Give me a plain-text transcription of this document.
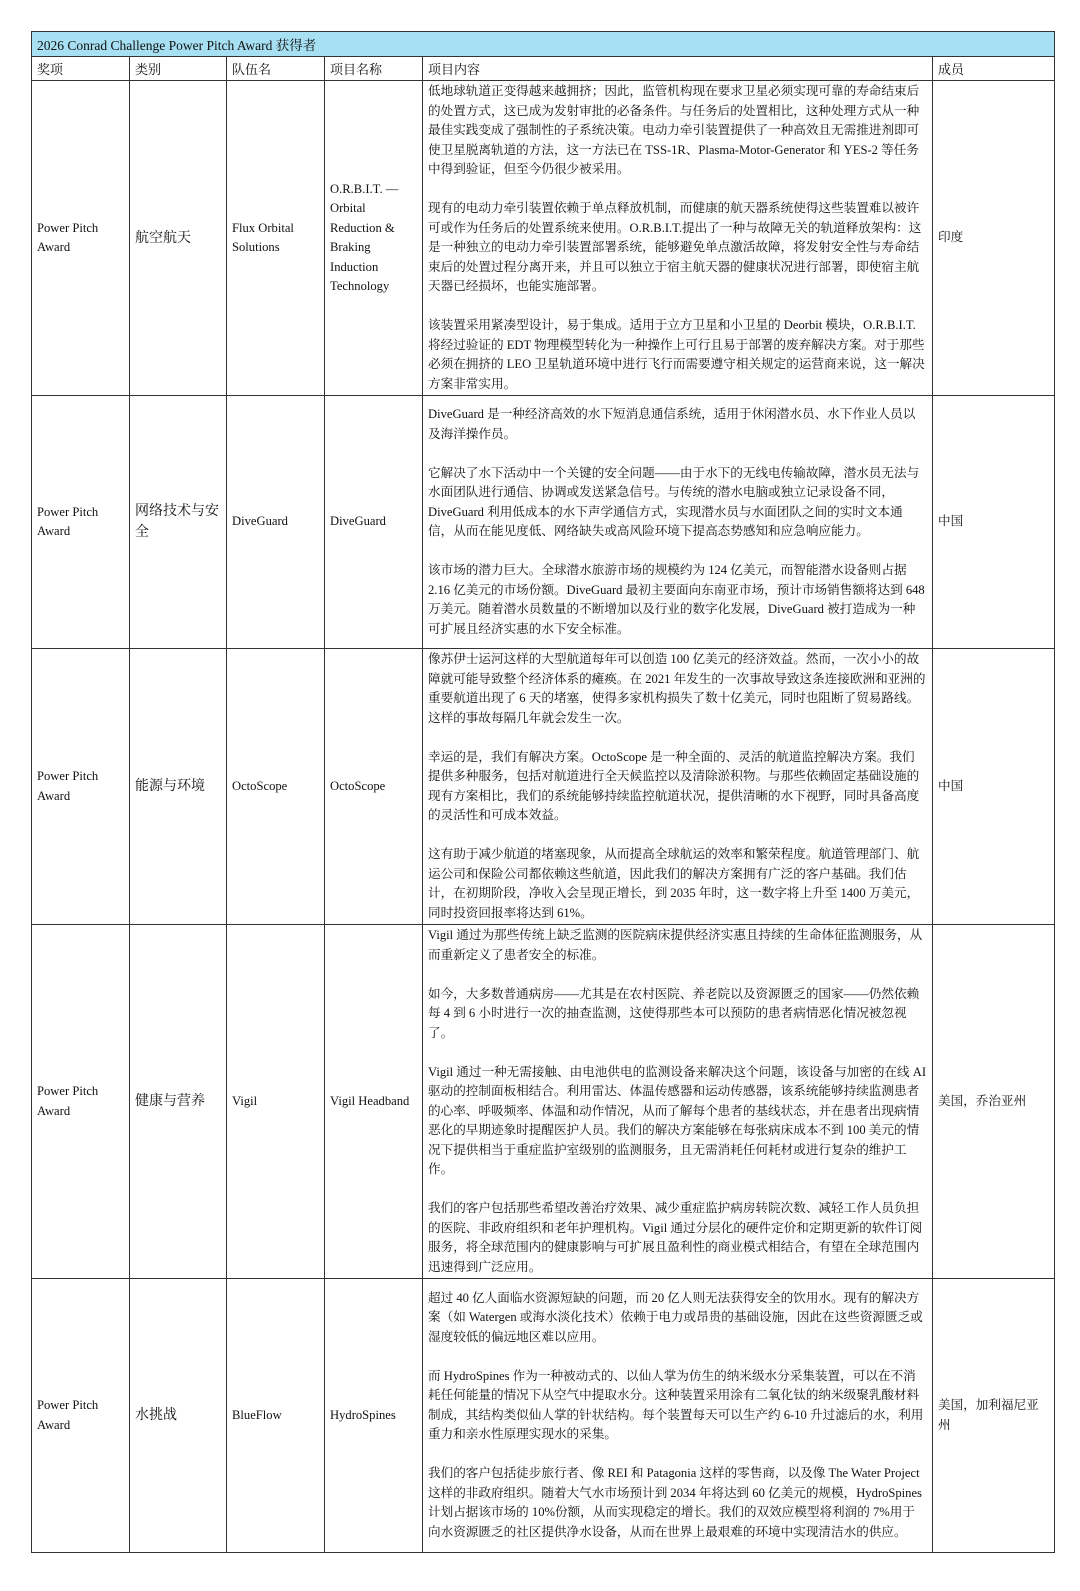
2026 Conrad Challenge Power Pitch Award 获得者					
奖项	类别	队伍名	项目名称	项目内容	成员
Power Pitch Award	航空航天	Flux Orbital Solutions	O.R.B.I.T. — Orbital Reduction & Braking Induction Technology	低地球轨道正变得越来越拥挤；因此，监管机构现在要求卫星必须实现可靠的寿命结束后的处置方式，这已成为发射审批的必备条件。与任务后的处置相比，这种处理方式从一种最佳实践变成了强制性的子系统决策。电动力牵引装置提供了一种高效且无需推进剂即可使卫星脱离轨道的方法，这一方法已在 TSS-1R、Plasma-Motor-Generator 和 YES-2 等任务中得到验证，但至今仍很少被采用。

现有的电动力牵引装置依赖于单点释放机制，而健康的航天器系统使得这些装置难以被许可或作为任务后的处置系统来使用。O.R.B.I.T.提出了一种与故障无关的轨道释放架构：这是一种独立的电动力牵引装置部署系统，能够避免单点激活故障，将发射安全性与寿命结束后的处置过程分离开来，并且可以独立于宿主航天器的健康状况进行部署，即使宿主航天器已经损坏，也能实施部署。

该装置采用紧凑型设计，易于集成。适用于立方卫星和小卫星的 Deorbit 模块，O.R.B.I.T.将经过验证的 EDT 物理模型转化为一种操作上可行且易于部署的废弃解决方案。对于那些必须在拥挤的 LEO 卫星轨道环境中进行飞行而需要遵守相关规定的运营商来说，这一解决方案非常实用。	印度
Power Pitch Award	网络技术与安全	DiveGuard	DiveGuard	DiveGuard 是一种经济高效的水下短消息通信系统，适用于休闲潜水员、水下作业人员以及海洋操作员。

它解决了水下活动中一个关键的安全问题——由于水下的无线电传输故障，潜水员无法与水面团队进行通信、协调或发送紧急信号。与传统的潜水电脑或独立记录设备不同，DiveGuard 利用低成本的水下声学通信方式，实现潜水员与水面团队之间的实时文本通信，从而在能见度低、网络缺失或高风险环境下提高态势感知和应急响应能力。

该市场的潜力巨大。全球潜水旅游市场的规模约为 124 亿美元，而智能潜水设备则占据 2.16 亿美元的市场份额。DiveGuard 最初主要面向东南亚市场，预计市场销售额将达到 648 万美元。随着潜水员数量的不断增加以及行业的数字化发展，DiveGuard 被打造成为一种可扩展且经济实惠的水下安全标准。	中国
Power Pitch Award	能源与环境	OctoScope	OctoScope	像苏伊士运河这样的大型航道每年可以创造 100 亿美元的经济效益。然而，一次小小的故障就可能导致整个经济体系的瘫痪。在 2021 年发生的一次事故导致这条连接欧洲和亚洲的重要航道出现了 6 天的堵塞，使得多家机构损失了数十亿美元，同时也阻断了贸易路线。这样的事故每隔几年就会发生一次。

幸运的是，我们有解决方案。OctoScope 是一种全面的、灵活的航道监控解决方案。我们提供多种服务，包括对航道进行全天候监控以及清除淤积物。与那些依赖固定基础设施的现有方案相比，我们的系统能够持续监控航道状况，提供清晰的水下视野，同时具备高度的灵活性和可成本效益。

这有助于减少航道的堵塞现象，从而提高全球航运的效率和繁荣程度。航道管理部门、航运公司和保险公司都依赖这些航道，因此我们的解决方案拥有广泛的客户基础。我们估计，在初期阶段，净收入会呈现正增长，到 2035 年时，这一数字将上升至 1400 万美元，同时投资回报率将达到 61%。	中国
Power Pitch Award	健康与营养	Vigil	Vigil Headband	Vigil 通过为那些传统上缺乏监测的医院病床提供经济实惠且持续的生命体征监测服务，从而重新定义了患者安全的标准。

如今，大多数普通病房——尤其是在农村医院、养老院以及资源匮乏的国家——仍然依赖每 4 到 6 小时进行一次的抽查监测，这使得那些本可以预防的患者病情恶化情况被忽视了。

Vigil 通过一种无需接触、由电池供电的监测设备来解决这个问题，该设备与加密的在线 AI 驱动的控制面板相结合。利用雷达、体温传感器和运动传感器，该系统能够持续监测患者的心率、呼吸频率、体温和动作情况，从而了解每个患者的基线状态，并在患者出现病情恶化的早期迹象时提醒医护人员。我们的解决方案能够在每张病床成本不到 100 美元的情况下提供相当于重症监护室级别的监测服务，且无需消耗任何耗材或进行复杂的维护工作。

我们的客户包括那些希望改善治疗效果、减少重症监护病房转院次数、减轻工作人员负担的医院、非政府组织和老年护理机构。Vigil 通过分层化的硬件定价和定期更新的软件订阅服务，将全球范围内的健康影响与可扩展且盈利性的商业模式相结合，有望在全球范围内迅速得到广泛应用。	美国，乔治亚州
Power Pitch Award	水挑战	BlueFlow	HydroSpines	超过 40 亿人面临水资源短缺的问题，而 20 亿人则无法获得安全的饮用水。现有的解决方案（如 Watergen 或海水淡化技术）依赖于电力或昂贵的基础设施，因此在这些资源匮乏或湿度较低的偏远地区难以应用。

而 HydroSpines 作为一种被动式的、以仙人掌为仿生的纳米级水分采集装置，可以在不消耗任何能量的情况下从空气中提取水分。这种装置采用涂有二氧化钛的纳米级聚乳酸材料制成，其结构类似仙人掌的针状结构。每个装置每天可以生产约 6-10 升过滤后的水，利用重力和亲水性原理实现水的采集。

我们的客户包括徒步旅行者、像 REI 和 Patagonia 这样的零售商，以及像 The Water Project 这样的非政府组织。随着大气水市场预计到 2034 年将达到 60 亿美元的规模，HydroSpines 计划占据该市场的 10%份额，从而实现稳定的增长。我们的双效应模型将利润的 7%用于向水资源匮乏的社区提供净水设备，从而在世界上最艰难的环境中实现清洁水的供应。	美国，加利福尼亚州
